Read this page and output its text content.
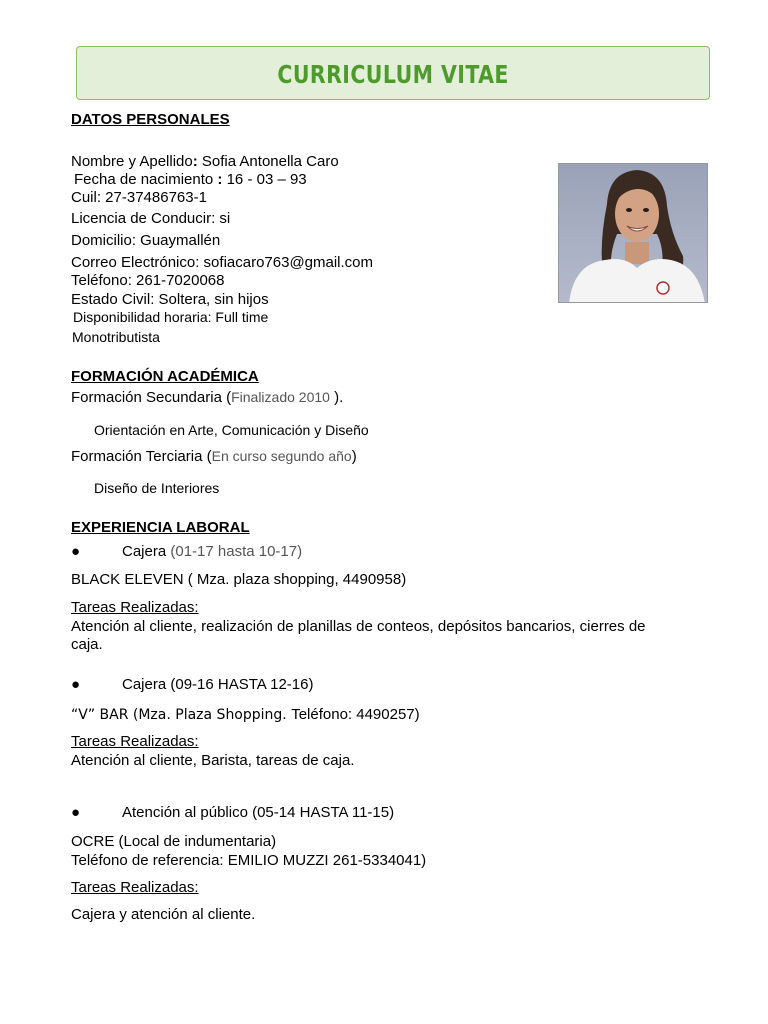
CURRICULUM VITAE
DATOS PERSONALES
Nombre y Apellido: Sofia Antonella Caro
Fecha de nacimiento : 16 - 03 – 93
Cuil: 27-37486763-1
Licencia de Conducir: si
Domicilio: Guaymallén
Correo Electrónico: sofiacaro763@gmail.com
Teléfono: 261-7020068
Estado Civil: Soltera, sin hijos
Disponibilidad horaria: Full time
Monotributista
FORMACIÓN ACADÉMICA
Formación Secundaria (Finalizado 2010 ).
Orientación en Arte, Comunicación y Diseño
Formación Terciaria (En curso segundo año)
Diseño de Interiores
EXPERIENCIA LABORAL
●	Cajera (01-17 hasta 10-17)
BLACK ELEVEN ( Mza. plaza shopping, 4490958)
Tareas Realizadas:
Atención al cliente, realización de planillas de conteos, depósitos bancarios, cierres de
caja.
●	Cajera (09-16 HASTA 12-16)
“V” BAR (Mza. Plaza Shopping. Teléfono: 4490257)
Tareas Realizadas:
Atención al cliente, Barista, tareas de caja.
●	Atención al público (05-14 HASTA 11-15)
OCRE (Local de indumentaria)
Teléfono de referencia: EMILIO MUZZI 261-5334041)
Tareas Realizadas:
Cajera y atención al cliente.
